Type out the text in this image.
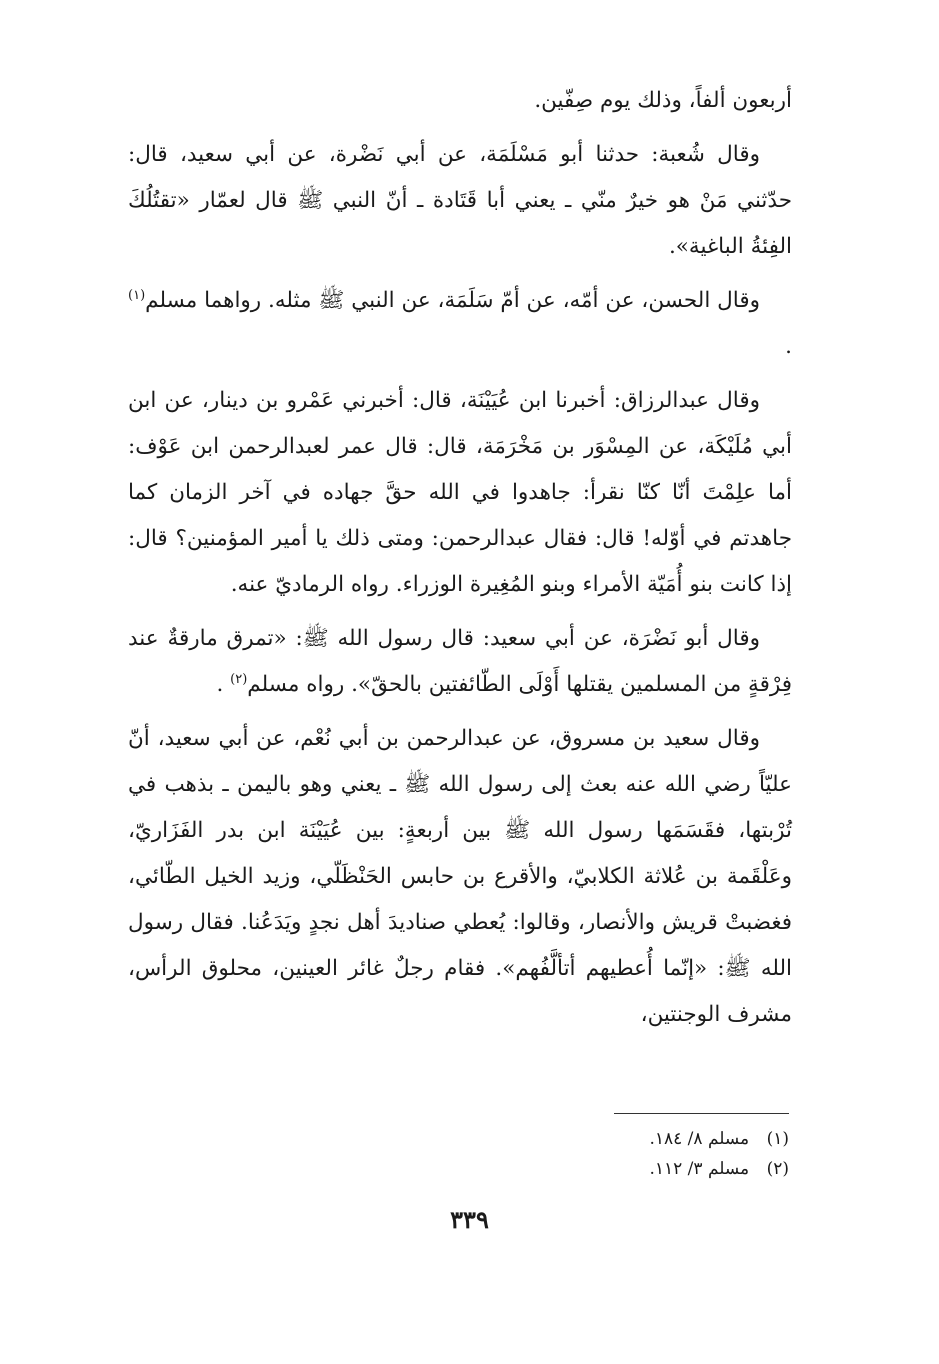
أربعون ألفاً، وذلك يوم صِفّين.

وقال شُعبة: حدثنا أبو مَسْلَمَة، عن أبي نَضْرة، عن أبي سعيد، قال: حدّثني مَنْ هو خيرٌ منّي ـ يعني أبا قَتَادة ـ أنّ النبي ﷺ قال لعمّار «تقتُلُكَ الفِئةُ الباغية».

وقال الحسن، عن أمّه، عن أمّ سَلَمَة، عن النبي ﷺ مثله. رواهما مسلم$^{(١)}$ .

وقال عبدالرزاق: أخبرنا ابن عُيَيْنَة، قال: أخبرني عَمْرو بن دينار، عن ابن أبي مُلَيْكَة، عن المِسْوَر بن مَخْرَمَة، قال: قال عمر لعبدالرحمن ابن عَوْف: أما علِمْتَ أنّا كنّا نقرأ: جاهدوا في الله حقَّ جهاده في آخر الزمان كما جاهدتم في أوّله! قال: فقال عبدالرحمن: ومتى ذلك يا أمير المؤمنين؟ قال: إذا كانت بنو أُمَيّة الأمراء وبنو المُغِيرة الوزراء. رواه الرماديّ عنه.

وقال أبو نَضْرَة، عن أبي سعيد: قال رسول الله ﷺ: «تمرق مارقةٌ عند فِرْقةٍ من المسلمين يقتلها أَوْلَى الطّائفتين بالحقّ». رواه مسلم$^{(٢)}$ .

وقال سعيد بن مسروق، عن عبدالرحمن بن أبي نُعْم، عن أبي سعيد، أنّ عليّاً رضي الله عنه بعث إلى رسول الله ﷺ ـ يعني وهو باليمن ـ بذهب في تُرْبتها، فقَسَمَها رسول الله ﷺ بين أربعةٍ: بين عُيَيْنَة ابن بدر الفَزَاريّ، وعَلْقَمة بن عُلاثة الكلابيّ، والأقرع بن حابس الحَنْظَلّي، وزيد الخيل الطّائي، فغضبتْ قريش والأنصار، وقالوا: يُعطي صناديدَ أهل نجدٍ ويَدَعُنا. فقال رسول الله ﷺ: «إنّما أُعطيهم أتألَّفُهم». فقام رجلٌ غائر العينين، محلوق الرأس، مشرف الوجنتين،

(١) مسلم ٨/ ١٨٤.
(٢) مسلم ٣/ ١١٢.
٣٣٩
